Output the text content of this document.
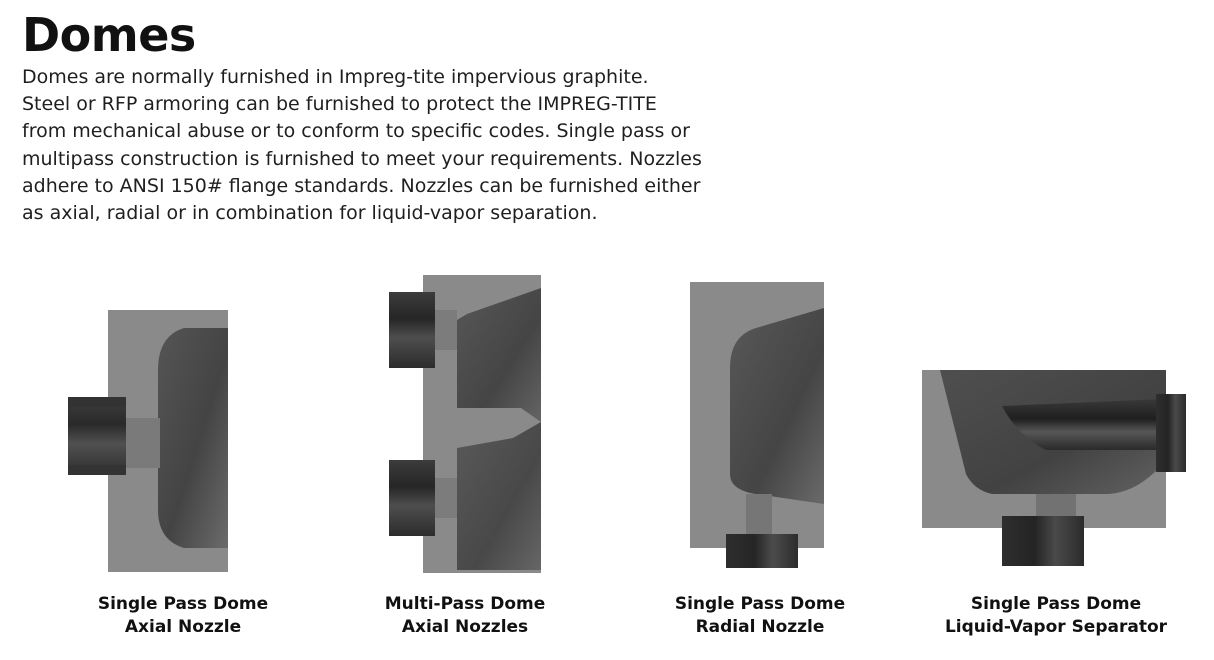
Domes
Domes are normally furnished in Impreg-tite impervious graphite.
Steel or RFP armoring can be furnished to protect the IMPREG-TITE
from mechanical abuse or to conform to specific codes. Single pass or
multipass construction is furnished to meet your requirements. Nozzles
adhere to ANSI 150# flange standards. Nozzles can be furnished either
as axial, radial or in combination for liquid-vapor separation.
Single Pass Dome
Axial Nozzle
Multi-Pass Dome
Axial Nozzles
Single Pass Dome
Radial Nozzle
Single Pass Dome
Liquid-Vapor Separator
